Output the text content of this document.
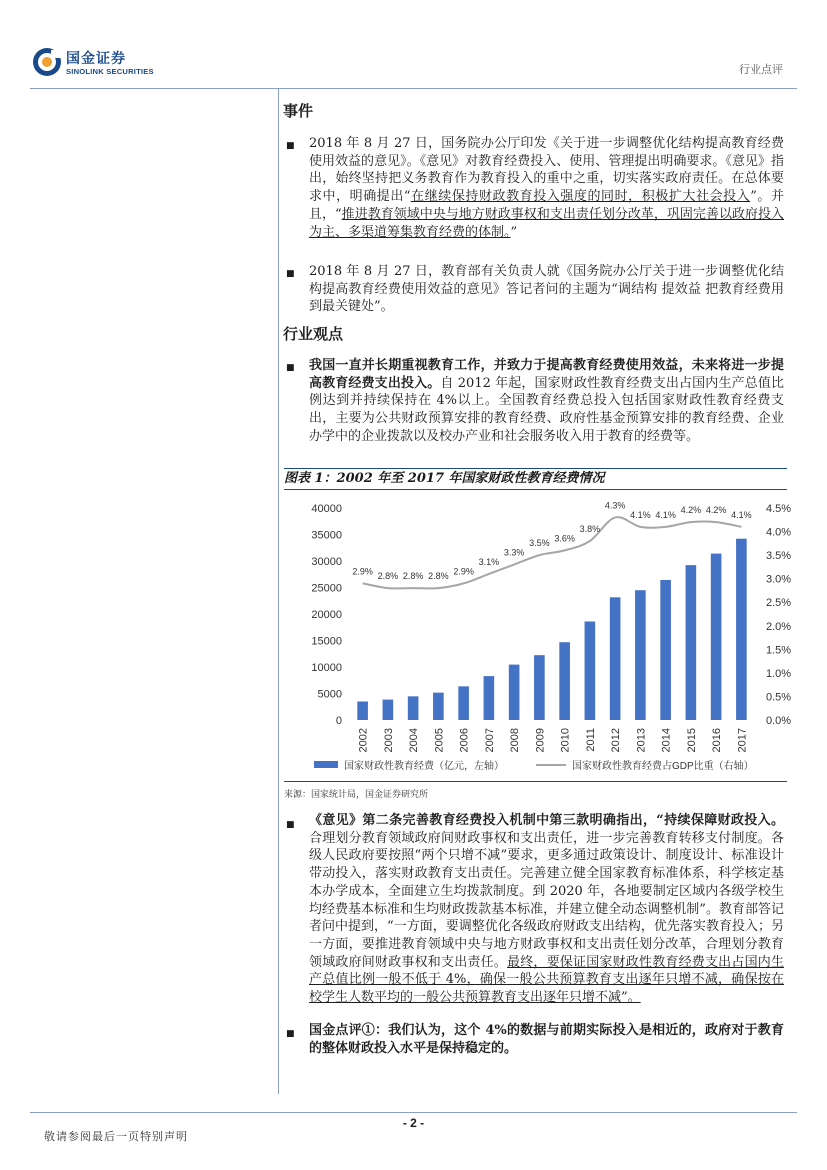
国金证券
SINOLINK SECURITIES	行业点评
事件
■ 2018 年 8 月 27 日，国务院办公厅印发《关于进一步调整优化结构提高教育经费使用效益的意见》。《意见》对教育经费投入、使用、管理提出明确要求。《意见》指出，始终坚持把义务教育作为教育投入的重中之重，切实落实政府责任。在总体要求中，明确提出“在继续保持财政教育投入强度的同时，积极扩大社会投入”。并且，“推进教育领域中央与地方财政事权和支出责任划分改革，巩固完善以政府投入为主、多渠道筹集教育经费的体制。”
■ 2018 年 8 月 27 日，教育部有关负责人就《国务院办公厅关于进一步调整优化结构提高教育经费使用效益的意见》答记者问的主题为“调结构 提效益 把教育经费用到最关键处”。
行业观点
■ 我国一直并长期重视教育工作，并致力于提高教育经费使用效益，未来将进一步提高教育经费支出投入。自 2012 年起，国家财政性教育经费支出占国内生产总值比例达到并持续保持在 4%以上。全国教育经费总投入包括国家财政性教育经费支出，主要为公共财政预算安排的教育经费、政府性基金预算安排的教育经费、企业办学中的企业拨款以及校办产业和社会服务收入用于教育的经费等。
图表 1：2002 年至 2017 年国家财政性教育经费情况
0
5000
10000
15000
20000
25000
30000
35000
40000
0.0%
0.5%
1.0%
1.5%
2.0%
2.5%
3.0%
3.5%
4.0%
4.5%
2.9% 2.8% 2.8% 2.8% 2.9%
3.1%
3.3%
3.5% 3.6%
3.8%
4.3%
4.1% 4.1% 4.2% 4.2% 4.1%
2002 2003 2004 2005 2006 2007 2008 2009 2010 2011 2012 2013 2014 2015 2016 2017
国家财政性教育经费（亿元，左轴）	国家财政性教育经费占GDP比重（右轴）
来源：国家统计局，国金证券研究所
■ 《意见》第二条完善教育经费投入机制中第三款明确指出，“持续保障财政投入。合理划分教育领域政府间财政事权和支出责任，进一步完善教育转移支付制度。各级人民政府要按照“两个只增不减”要求，更多通过政策设计、制度设计、标准设计带动投入，落实财政教育支出责任。完善建立健全国家教育标准体系，科学核定基本办学成本，全面建立生均拨款制度。到 2020 年，各地要制定区域内各级学校生均经费基本标准和生均财政拨款基本标准，并建立健全动态调整机制”。教育部答记者问中提到，“一方面，要调整优化各级政府财政支出结构，优先落实教育投入；另一方面，要推进教育领域中央与地方财政事权和支出责任划分改革，合理划分教育领域政府间财政事权和支出责任。最终，要保证国家财政性教育经费支出占国内生产总值比例一般不低于 4%，确保一般公共预算教育支出逐年只增不减，确保按在校学生人数平均的一般公共预算教育支出逐年只增不减”。
■ 国金点评①：我们认为，这个 4%的数据与前期实际投入是相近的，政府对于教育的整体财政投入水平是保持稳定的。
- 2 -
敬请参阅最后一页特别声明
